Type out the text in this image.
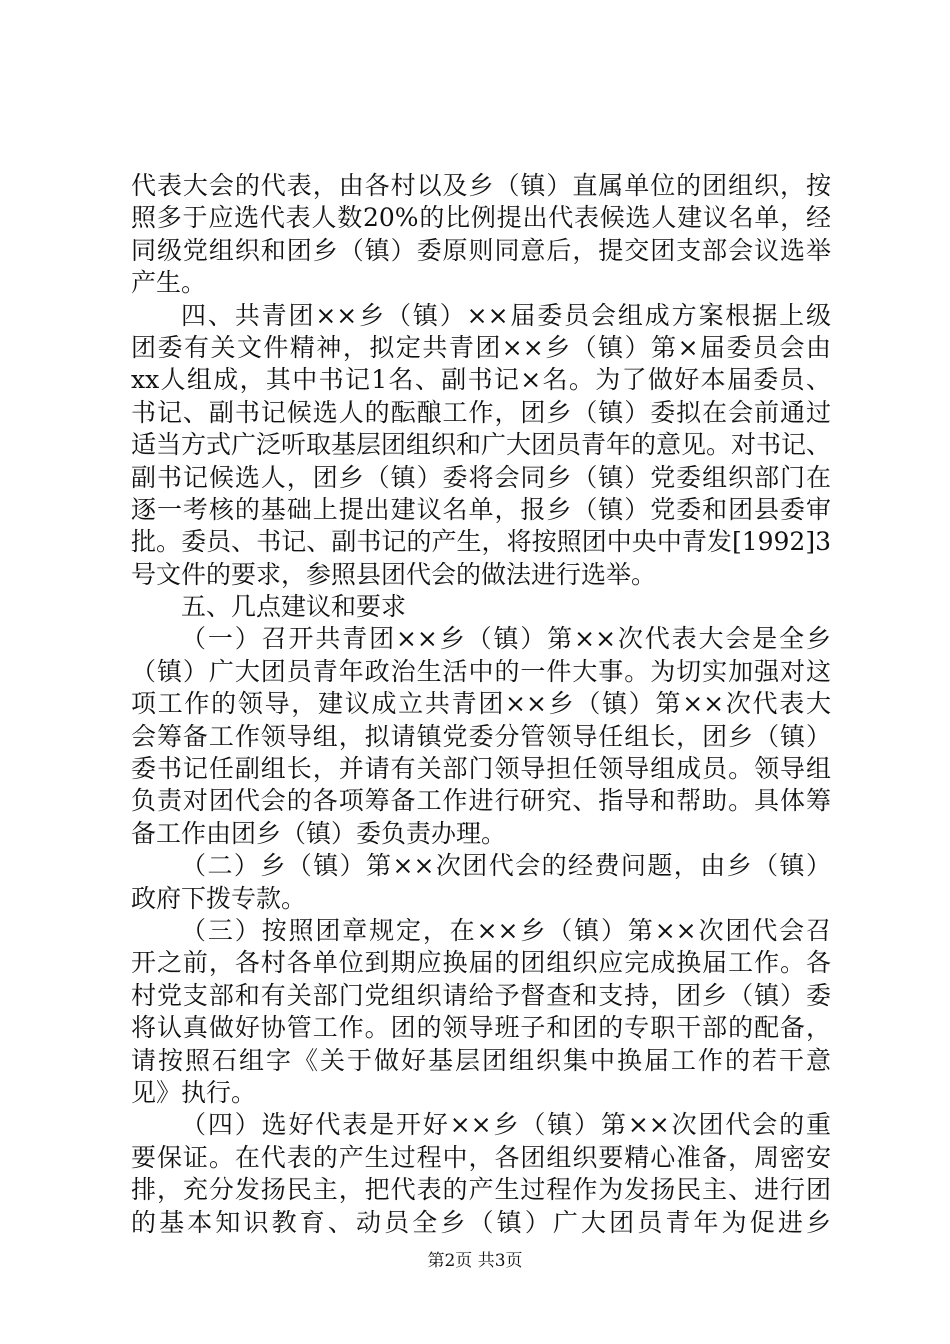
代表大会的代表，由各村以及乡（镇）直属单位的团组织，按
照多于应选代表人数20%的比例提出代表候选人建议名单，经
同级党组织和团乡（镇）委原则同意后，提交团支部会议选举
产生。
四、共青团××乡（镇）××届委员会组成方案根据上级
团委有关文件精神，拟定共青团××乡（镇）第×届委员会由
xx人组成，其中书记1名、副书记×名。为了做好本届委员、
书记、副书记候选人的酝酿工作，团乡（镇）委拟在会前通过
适当方式广泛听取基层团组织和广大团员青年的意见。对书记、
副书记候选人，团乡（镇）委将会同乡（镇）党委组织部门在
逐一考核的基础上提出建议名单，报乡（镇）党委和团县委审
批。委员、书记、副书记的产生，将按照团中央中青发[1992]3
号文件的要求，参照县团代会的做法进行选举。
五、几点建议和要求
（一）召开共青团××乡（镇）第××次代表大会是全乡
（镇）广大团员青年政治生活中的一件大事。为切实加强对这
项工作的领导，建议成立共青团××乡（镇）第××次代表大
会筹备工作领导组，拟请镇党委分管领导任组长，团乡（镇）
委书记任副组长，并请有关部门领导担任领导组成员。领导组
负责对团代会的各项筹备工作进行研究、指导和帮助。具体筹
备工作由团乡（镇）委负责办理。
（二）乡（镇）第××次团代会的经费问题，由乡（镇）
政府下拨专款。
（三）按照团章规定，在××乡（镇）第××次团代会召
开之前，各村各单位到期应换届的团组织应完成换届工作。各
村党支部和有关部门党组织请给予督查和支持，团乡（镇）委
将认真做好协管工作。团的领导班子和团的专职干部的配备，
请按照石组字《关于做好基层团组织集中换届工作的若干意
见》执行。
（四）选好代表是开好××乡（镇）第××次团代会的重
要保证。在代表的产生过程中，各团组织要精心准备，周密安
排，充分发扬民主，把代表的产生过程作为发扬民主、进行团
的基本知识教育、动员全乡（镇）广大团员青年为促进乡
第2页 共3页
